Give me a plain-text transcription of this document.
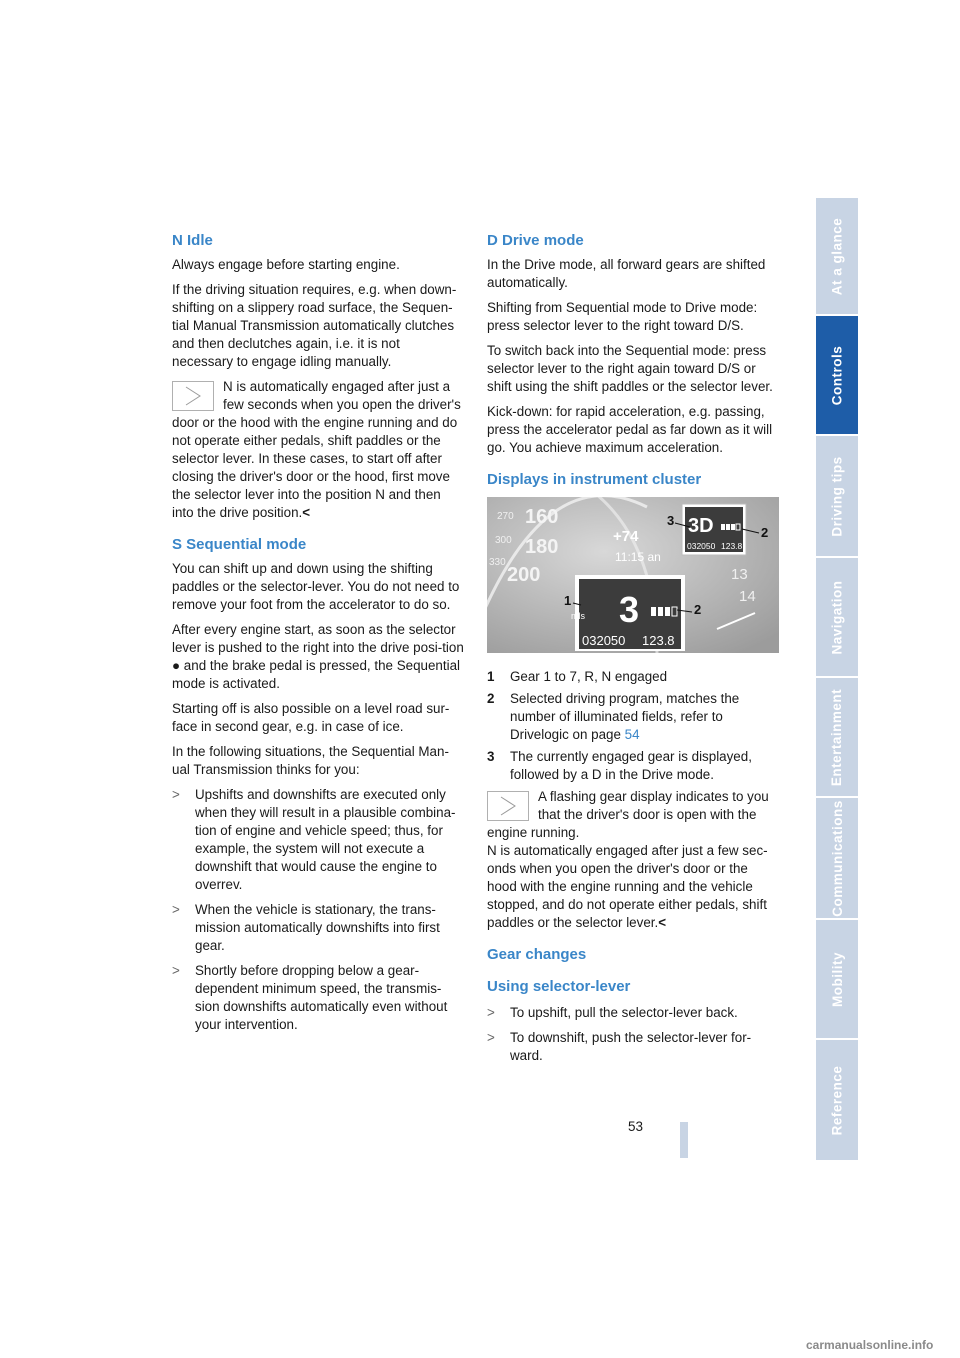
N Idle

Always engage before starting engine.

If the driving situation requires, e.g. when down-shifting on a slippery road surface, the Sequen-tial Manual Transmission automatically clutches and then declutches again, i.e. it is not necessary to engage idling manually.

N is automatically engaged after just a few seconds when you open the driver's door or the hood with the engine running and do not operate either pedals, shift paddles or the selector lever. In these cases, to start off after closing the driver's door or the hood, first move the selector lever into the position N and then into the drive position.<
S Sequential mode

You can shift up and down using the shifting paddles or the selector-lever. You do not need to remove your foot from the accelerator to do so.

After every engine start, as soon as the selector lever is pushed to the right into the drive posi-tion ● and the brake pedal is pressed, the Sequential mode is activated.

Starting off is also possible on a level road sur-face in second gear, e.g. in case of ice.

In the following situations, the Sequential Man-ual Transmission thinks for you:

> Upshifts and downshifts are executed only when they will result in a plausible combina-tion of engine and vehicle speed; thus, for example, the system will not execute a downshift that would cause the engine to overrev.
> When the vehicle is stationary, the trans-mission automatically downshifts into first gear.
> Shortly before dropping below a gear-dependent minimum speed, the transmis-sion downshifts automatically even without your intervention.
D Drive mode

In the Drive mode, all forward gears are shifted automatically.

Shifting from Sequential mode to Drive mode: press selector lever to the right toward D/S.

To switch back into the Sequential mode: press selector lever to the right again toward D/S or shift using the shift paddles or the selector lever.

Kick-down: for rapid acceleration, e.g. passing, press the accelerator pedal as far down as it will go. You achieve maximum acceleration.

Displays in instrument cluster
160
180
200
270
300
330
13
14
+74
11:15 an
3D
032050 123.8
3
2
3
mls
032050 123.8
1
2
1 Gear 1 to 7, R, N engaged
2 Selected driving program, matches the number of illuminated fields, refer to Drivelogic on page 54
3 The currently engaged gear is displayed, followed by a D in the Drive mode.
A flashing gear display indicates to you that the driver's door is open with the engine running.
N is automatically engaged after just a few sec-onds when you open the driver's door or the hood with the engine running and the vehicle stopped, and do not operate either pedals, shift paddles or the selector lever.<
Gear changes
Using selector-lever
> To upshift, pull the selector-lever back.
> To downshift, push the selector-lever for-ward.
At a glance
Controls
Driving tips
Navigation
Entertainment
Communications
Mobility
Reference
53
carmanualsonline.info
